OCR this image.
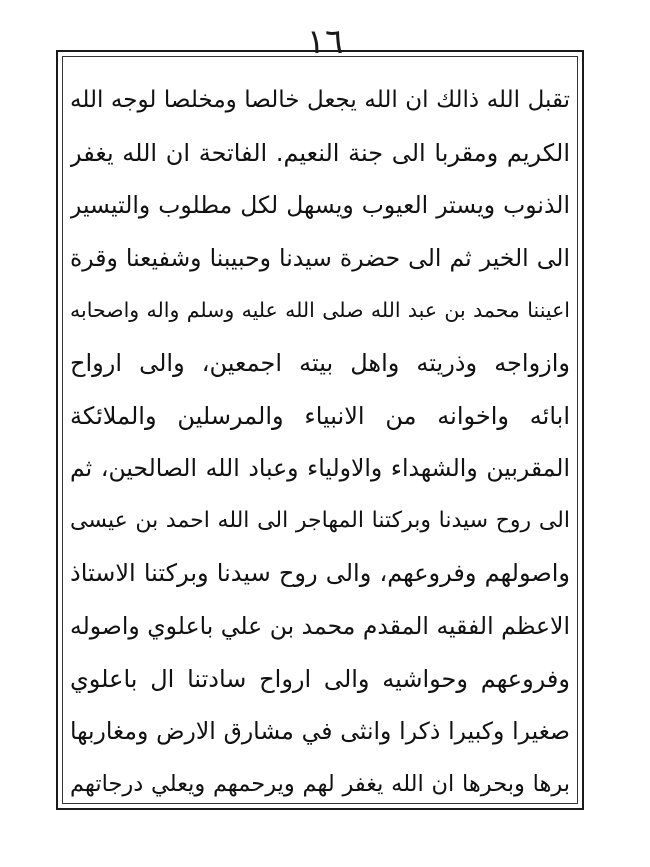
١٦
تقبل الله ذالك ان الله يجعل خالصا ومخلصا لوجه الله
الكريم ومقربا الى جنة النعيم. الفاتحة ان الله يغفر
الذنوب ويستر العيوب ويسهل لكل مطلوب والتيسير
الى الخير ثم الى حضرة سيدنا وحبيبنا وشفيعنا وقرة
اعيننا محمد بن عبد الله صلى الله عليه وسلم واله واصحابه
وازواجه وذريته واهل بيته اجمعين، والى ارواح
ابائه واخوانه من الانبياء والمرسلين والملائكة
المقربين والشهداء والاولياء وعباد الله الصالحين، ثم
الى روح سيدنا وبركتنا المهاجر الى الله احمد بن عيسى
واصولهم وفروعهم، والى روح سيدنا وبركتنا الاستاذ
الاعظم الفقيه المقدم محمد بن علي باعلوي واصوله
وفروعهم وحواشيه والى ارواح سادتنا ال باعلوي
صغيرا وكبيرا ذكرا وانثى في مشارق الارض ومغاربها
برها وبحرها ان الله يغفر لهم ويرحمهم ويعلي درجاتهم
